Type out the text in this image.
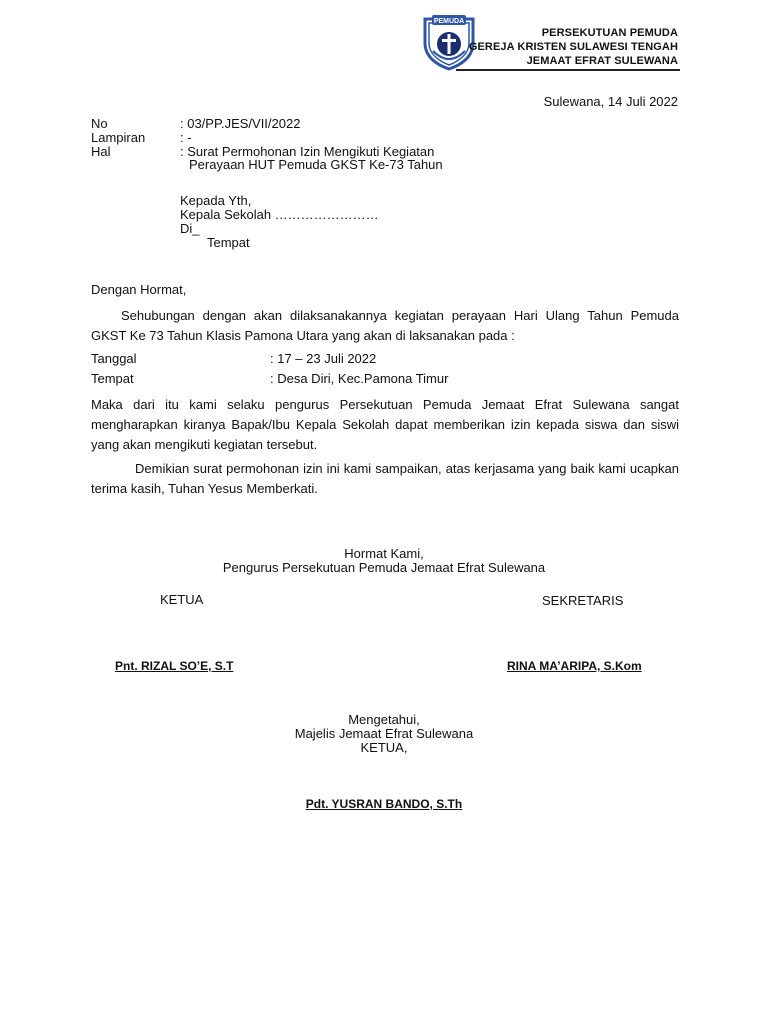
PEMUDA
PERSEKUTUAN PEMUDA
GEREJA KRISTEN SULAWESI TENGAH
JEMAAT EFRAT SULEWANA
Sulewana, 14 Juli 2022
No	: 03/PP.JES/VII/2022
Lampiran	: -
Hal	: Surat Permohonan Izin Mengikuti Kegiatan
Perayaan HUT Pemuda GKST Ke-73 Tahun
Kepada Yth,
Kepala Sekolah ……………………
Di_
Tempat
Dengan Hormat,
Sehubungan dengan akan dilaksanakannya kegiatan perayaan Hari Ulang Tahun Pemuda GKST Ke 73 Tahun Klasis Pamona Utara yang akan di laksanakan pada :
Tanggal	: 17 – 23 Juli 2022
Tempat	: Desa Diri, Kec.Pamona Timur
Maka dari itu kami selaku pengurus Persekutuan Pemuda Jemaat Efrat Sulewana sangat mengharapkan kiranya Bapak/Ibu Kepala Sekolah dapat memberikan izin kepada siswa dan siswi yang akan mengikuti kegiatan tersebut.
Demikian surat permohonan izin ini kami sampaikan, atas kerjasama yang baik kami ucapkan terima kasih, Tuhan Yesus Memberkati.
Hormat Kami,
Pengurus Persekutuan Pemuda Jemaat Efrat Sulewana
KETUA	SEKRETARIS
Pnt. RIZAL SO’E, S.T	RINA MA’ARIPA, S.Kom
Mengetahui,
Majelis Jemaat Efrat Sulewana
KETUA,
Pdt. YUSRAN BANDO, S.Th
